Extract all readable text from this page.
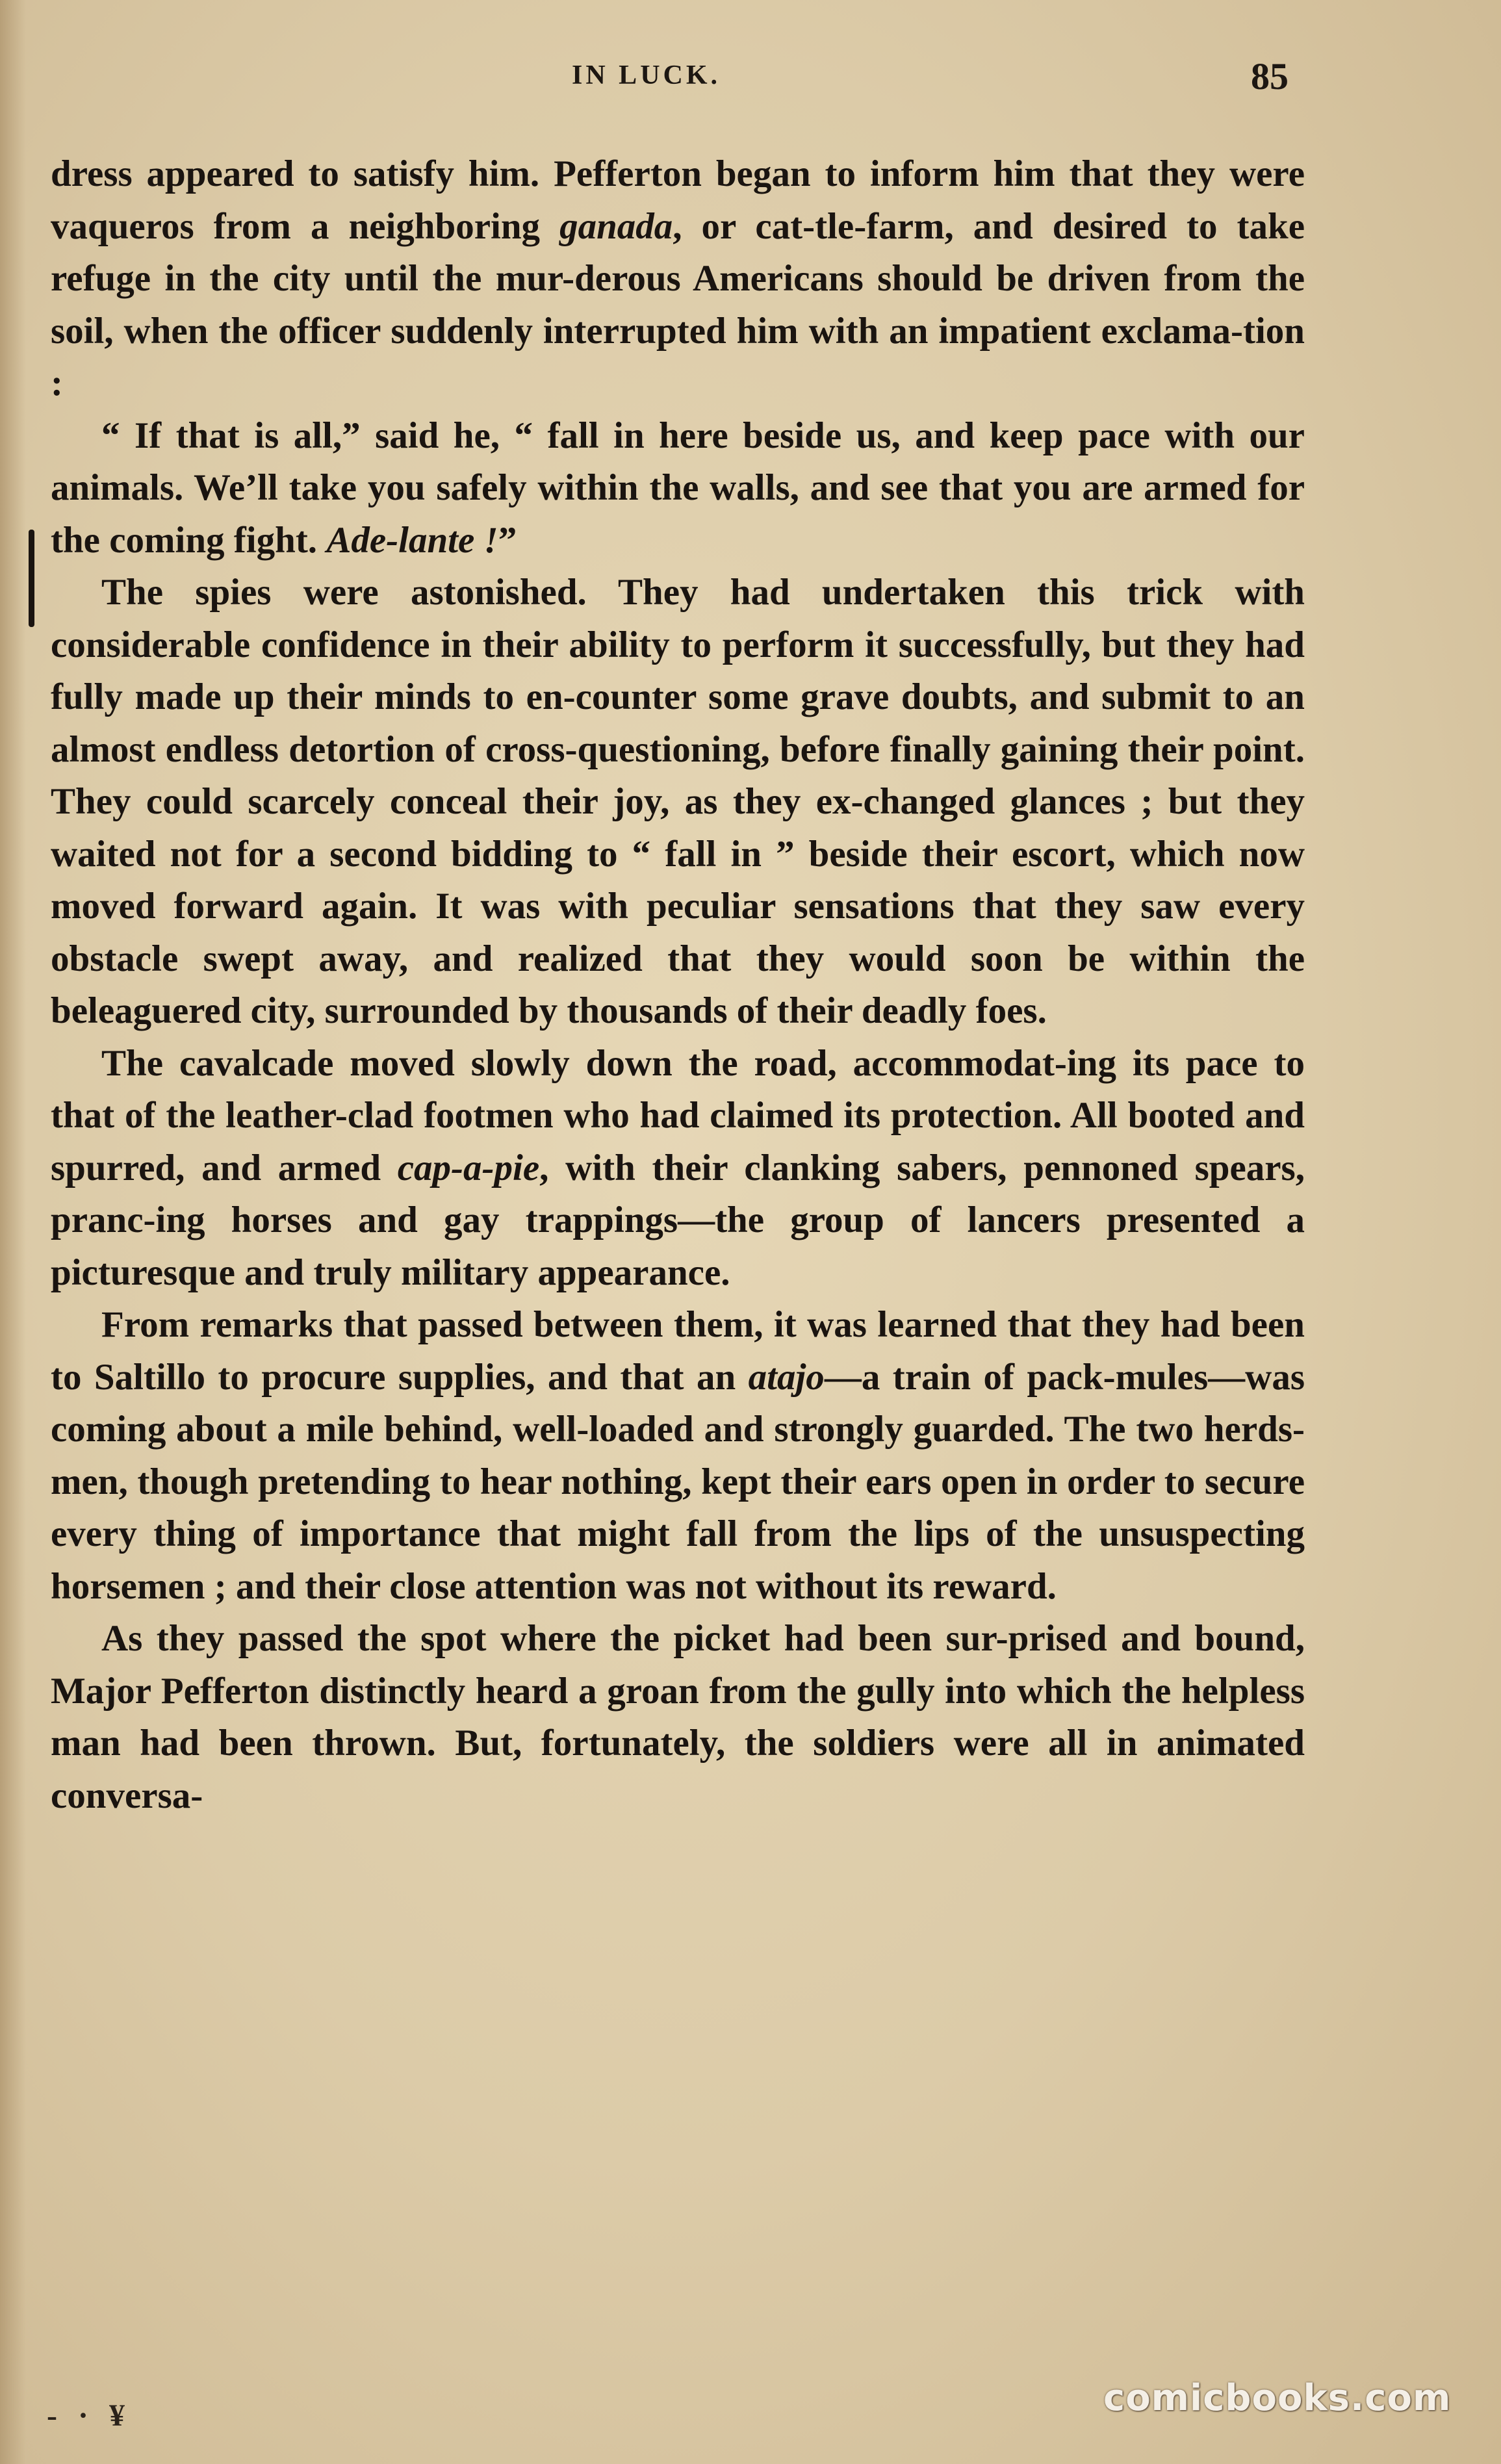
IN LUCK.	85

dress appeared to satisfy him. Pefferton began to inform him that they were vaqueros from a neighboring ganada, or cat-tle-farm, and desired to take refuge in the city until the mur-derous Americans should be driven from the soil, when the officer suddenly interrupted him with an impatient exclama-tion :

“ If that is all,” said he, “ fall in here beside us, and keep pace with our animals. We’ll take you safely within the walls, and see that you are armed for the coming fight. Ade-lante !”

The spies were astonished. They had undertaken this trick with considerable confidence in their ability to perform it successfully, but they had fully made up their minds to en-counter some grave doubts, and submit to an almost endless detortion of cross-questioning, before finally gaining their point. They could scarcely conceal their joy, as they ex-changed glances ; but they waited not for a second bidding to “ fall in ” beside their escort, which now moved forward again. It was with peculiar sensations that they saw every obstacle swept away, and realized that they would soon be within the beleaguered city, surrounded by thousands of their deadly foes.

The cavalcade moved slowly down the road, accommodat-ing its pace to that of the leather-clad footmen who had claimed its protection. All booted and spurred, and armed cap-a-pie, with their clanking sabers, pennoned spears, pranc-ing horses and gay trappings—the group of lancers presented a picturesque and truly military appearance.

From remarks that passed between them, it was learned that they had been to Saltillo to procure supplies, and that an atajo—a train of pack-mules—was coming about a mile behind, well-loaded and strongly guarded. The two herds-men, though pretending to hear nothing, kept their ears open in order to secure every thing of importance that might fall from the lips of the unsuspecting horsemen ; and their close attention was not without its reward.

As they passed the spot where the picket had been sur-prised and bound, Major Pefferton distinctly heard a groan from the gully into which the helpless man had been thrown. But, fortunately, the soldiers were all in animated conversa-

- · ¥	comicbooks.com
